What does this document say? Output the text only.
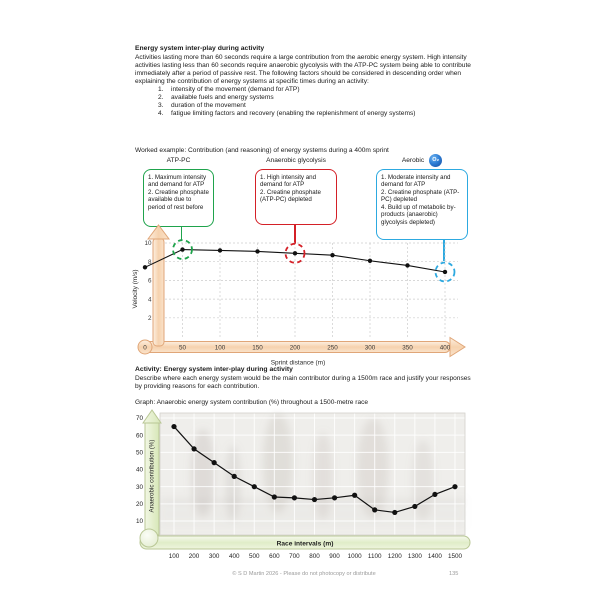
Energy system inter-play during activity

Activities lasting more than 60 seconds require a large contribution from the aerobic energy system. High intensity activities lasting less than 60 seconds require anaerobic glycolysis with the ATP-PC system being able to contribute immediately after a period of passive rest. The following factors should be considered in descending order when explaining the contribution of energy systems at specific times during an activity:

1.	intensity of the movement (demand for ATP)
2.	available fuels and energy systems
3.	duration of the movement
4.	fatigue limiting factors and recovery (enabling the replenishment of energy systems)

Worked example: Contribution (and reasoning) of energy systems during a 400m sprint

ATP-PC	Anaerobic glycolysis	Aerobic	O₂
1. Maximum intensity and demand for ATP
2. Creatine phosphate available due to period of rest before
1. High intensity and demand for ATP
2. Creatine phosphate (ATP-PC) depleted
1. Moderate intensity and demand for ATP
2. Creatine phosphate (ATP-PC) depleted
4. Build up of metabolic by-products (anaerobic) glycolysis depleted)
0	50	100	150	200	250	300	350	400
2
4
6
8
10
Sprint distance (m)
Velocity (m/s)
Activity: Energy system inter-play during activity

Describe where each energy system would be the main contributor during a 1500m race and justify your responses by providing reasons for each contribution.

Graph: Anaerobic energy system contribution (%) throughout a 1500-metre race

Anaerobic contribution (%)
Race intervals (m)
10
20
30
40
50
60
70
100 200 300 400 500 600 700 800 900 1000 1100 1200 1300 1400 1500
© S D Martin 2026 - Please do not photocopy or distribute	135
